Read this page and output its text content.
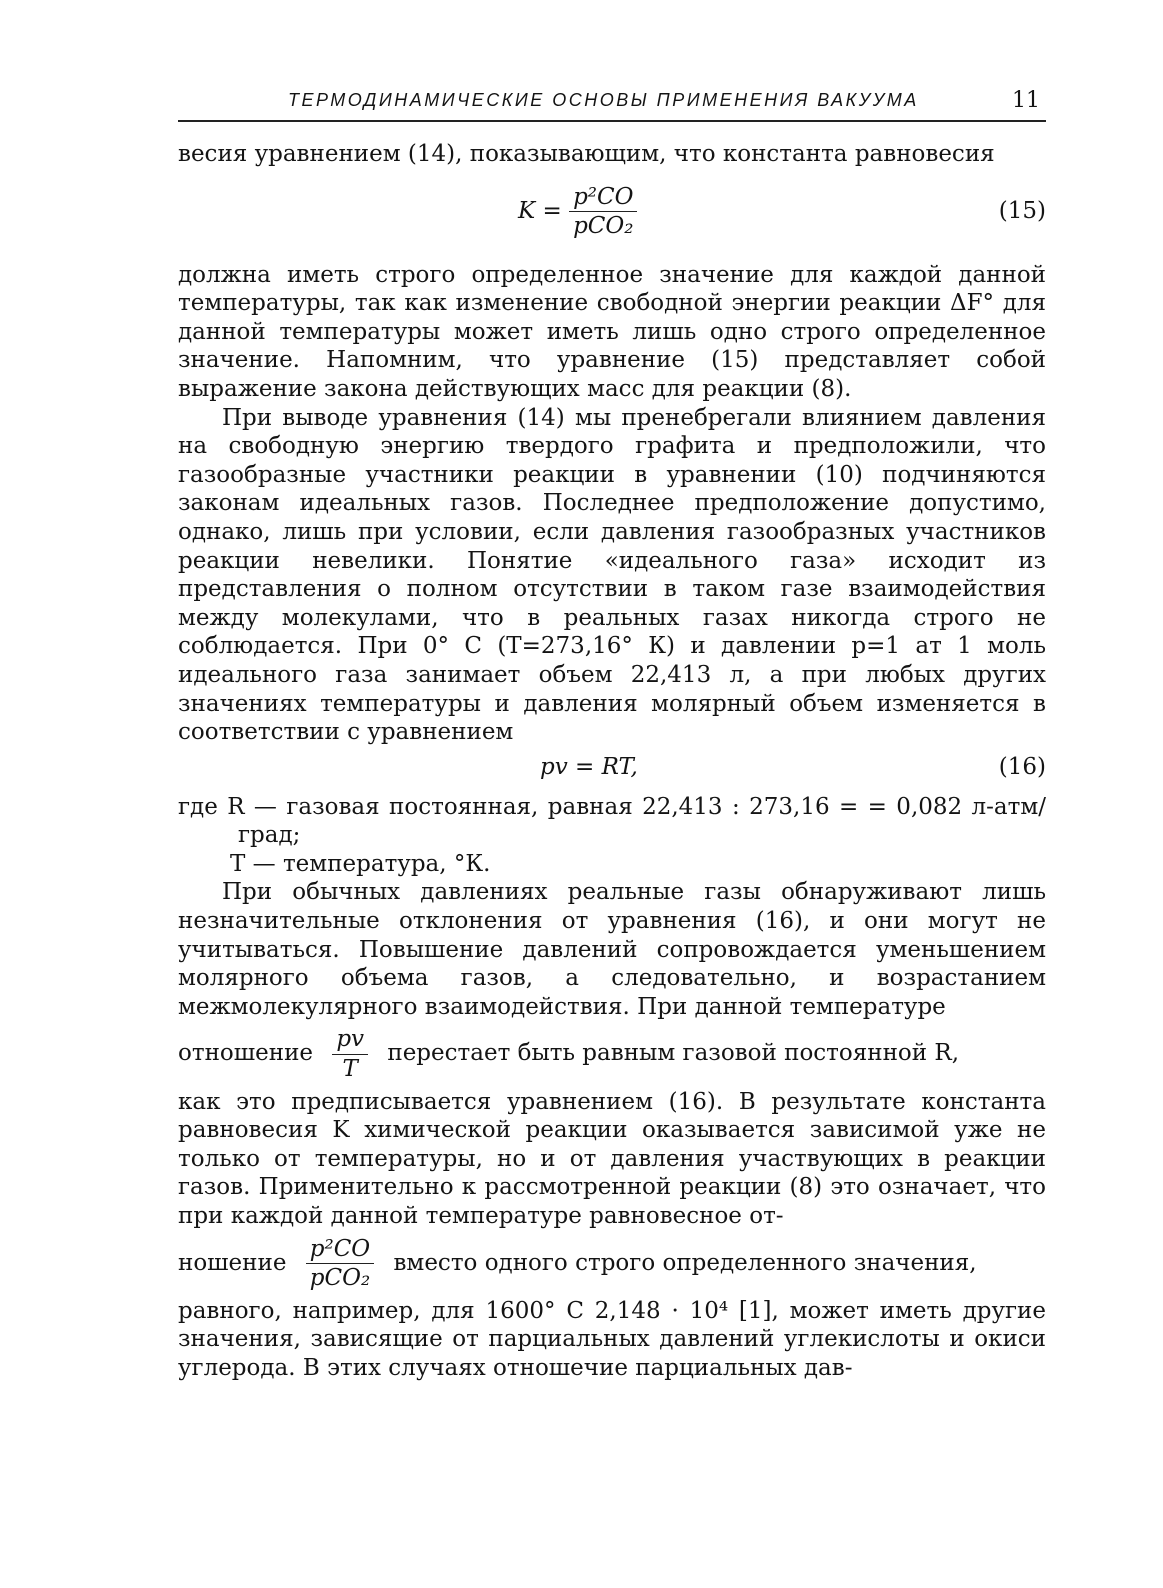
ТЕРМОДИНАМИЧЕСКИЕ ОСНОВЫ ПРИМЕНЕНИЯ ВАКУУМА	11

весия уравнением (14), показывающим, что константа равновесия

$K = \frac{\text{p²CO}}{\text{pCO₂}}$	(15)

должна иметь строго определенное значение для каждой данной температуры, так как изменение свободной энергии реакции ΔF° для данной температуры может иметь лишь одно строго определенное значение. Напомним, что уравнение (15) представляет собой выражение закона действующих масс для реакции (8).

При выводе уравнения (14) мы пренебрегали влиянием давления на свободную энергию твердого графита и предположили, что газообразные участники реакции в уравнении (10) подчиняются законам идеальных газов. Последнее предположение допустимо, однако, лишь при условии, если давления газообразных участников реакции невелики. Понятие «идеального газа» исходит из представления о полном отсутствии в таком газе взаимодействия между молекулами, что в реальных газах никогда строго не соблюдается. При 0° С (T=273,16° К) и давлении p=1 ат 1 моль идеального газа занимает объем 22,413 л, а при любых других значениях температуры и давления молярный объем изменяется в соответствии с уравнением

pv = RT,	(16)

где R — газовая постоянная, равная 22,413 : 273,16 = = 0,082 л-атм/град;

T — температура, °К.

При обычных давлениях реальные газы обнаруживают лишь незначительные отклонения от уравнения (16), и они могут не учитываться. Повышение давлений сопровождается уменьшением молярного объема газов, а следовательно, и возрастанием межмолекулярного взаимодействия. При данной температуре

отношение $\frac{pv}{T}$ перестает быть равным газовой постоянной R,

как это предписывается уравнением (16). В результате константа равновесия K химической реакции оказывается зависимой уже не только от температуры, но и от давления участвующих в реакции газов. Применительно к рассмотренной реакции (8) это означает, что при каждой данной температуре равновесное от-

ношение $\frac{\text{p²CO}}{\text{pCO₂}}$ вместо одного строго определенного значения,

равного, например, для 1600° С 2,148 · 10⁴ [1], может иметь другие значения, зависящие от парциальных давлений углекислоты и окиси углерода. В этих случаях отношечие парциальных дав-
